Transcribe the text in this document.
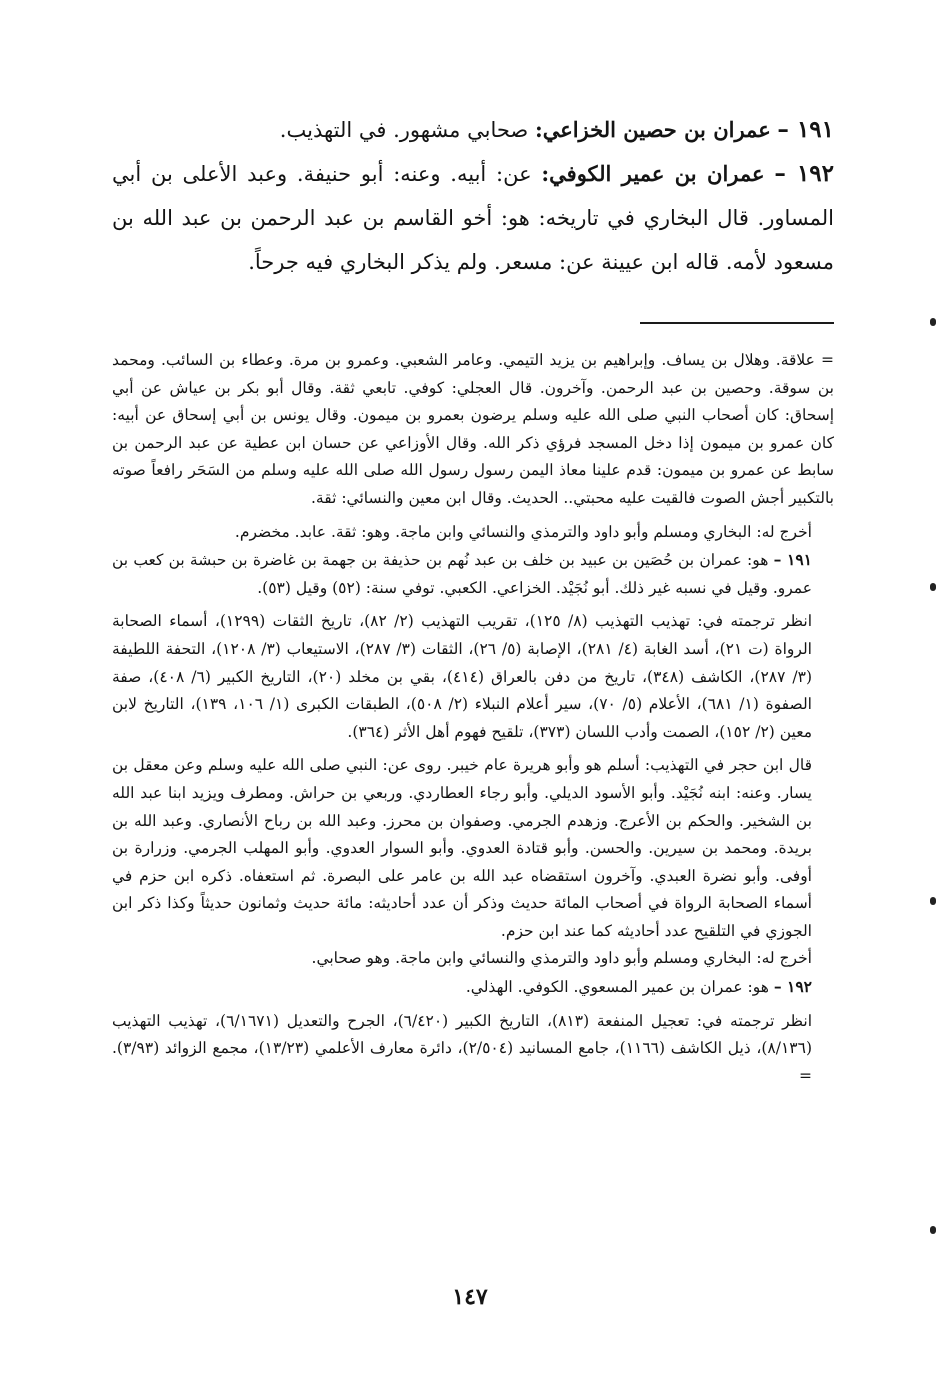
١٩١ – عمران بن حصين الخزاعي: صحابي مشهور. في التهذيب.

١٩٢ – عمران بن عمير الكوفي: عن: أبيه. وعنه: أبو حنيفة. وعبد الأعلى بن أبي المساور. قال البخاري في تاريخه: هو: أخو القاسم بن عبد الرحمن بن عبد الله بن مسعود لأمه. قاله ابن عيينة عن: مسعر. ولم يذكر البخاري فيه جرحاً.

= علاقة. وهلال بن يساف. وإبراهيم بن يزيد التيمي. وعامر الشعبي. وعمرو بن مرة. وعطاء بن السائب. ومحمد بن سوقة. وحصين بن عبد الرحمن. وآخرون. قال العجلي: كوفي. تابعي ثقة. وقال أبو بكر بن عياش عن أبي إسحاق: كان أصحاب النبي صلى الله عليه وسلم يرضون بعمرو بن ميمون. وقال يونس بن أبي إسحاق عن أبيه: كان عمرو بن ميمون إذا دخل المسجد فرؤي ذكر الله. وقال الأوزاعي عن حسان ابن عطية عن عبد الرحمن بن سابط عن عمرو بن ميمون: قدم علينا معاذ اليمن رسول رسول الله صلى الله عليه وسلم من السَحَر رافعاً صوته بالتكبير أجش الصوت فالقيت عليه محبتي.. الحديث. وقال ابن معين والنسائي: ثقة.

أخرج له: البخاري ومسلم وأبو داود والترمذي والنسائي وابن ماجة. وهو: ثقة. عابد. مخضرم.

١٩١ – هو: عمران بن حُصَين بن عبيد بن خلف بن عبد نُهم بن حذيفة بن جهمة بن غاضرة بن حبشة بن كعب بن عمرو. وقيل في نسبه غير ذلك. أبو نُجَيْد. الخزاعي. الكعبي. توفي سنة: (٥٢) وقيل (٥٣).

انظر ترجمته في: تهذيب التهذيب (٨/ ١٢٥)، تقريب التهذيب (٢/ ٨٢)، تاريخ الثقات (١٢٩٩)، أسماء الصحابة الرواة (ت ٢١)، أسد الغابة (٤/ ٢٨١)، الإصابة (٥/ ٢٦)، الثقات (٣/ ٢٨٧)، الاستيعاب (٣/ ١٢٠٨)، التحفة اللطيفة (٣/ ٢٨٧)، الكاشف (٣٤٨)، تاريخ من دفن بالعراق (٤١٤)، بقي بن مخلد (٢٠)، التاريخ الكبير (٦/ ٤٠٨)، صفة الصفوة (١/ ٦٨١)، الأعلام (٥/ ٧٠)، سير أعلام النبلاء (٢/ ٥٠٨)، الطبقات الكبرى (١/ ١٠٦، ١٣٩)، التاريخ لابن معين (٢/ ١٥٢)، الصمت وأدب اللسان (٣٧٣)، تلقيح فهوم أهل الأثر (٣٦٤).

قال ابن حجر في التهذيب: أسلم هو وأبو هريرة عام خيبر. روى عن: النبي صلى الله عليه وسلم وعن معقل بن يسار. وعنه: ابنه نُجَيْد. وأبو الأسود الديلي. وأبو رجاء العطاردي. وربعي بن حراش. ومطرف ويزيد ابنا عبد الله بن الشخير. والحكم بن الأعرج. وزهدم الجرمي. وصفوان بن محرز. وعبد الله بن رباح الأنصاري. وعبد الله بن بريدة. ومحمد بن سيرين. والحسن. وأبو قتادة العدوي. وأبو السوار العدوي. وأبو المهلب الجرمي. وزرارة بن أوفى. وأبو نضرة العبدي. وآخرون استقضاه عبد الله بن عامر على البصرة. ثم استعفاه. ذكره ابن حزم في أسماء الصحابة الرواة في أصحاب المائة حديث وذكر أن عدد أحاديثه: مائة حديث وثمانون حديثاً وكذا ذكر ابن الجوزي في التلقيح عدد أحاديثه كما عند ابن حزم.

أخرج له: البخاري ومسلم وأبو داود والترمذي والنسائي وابن ماجة. وهو صحابي.

١٩٢ – هو: عمران بن عمير المسعوي. الكوفي. الهذلي.

انظر ترجمته في: تعجيل المنفعة (٨١٣)، التاريخ الكبير (٦/٤٢٠)، الجرح والتعديل (٦/١٦٧١)، تهذيب التهذيب (٨/١٣٦)، ذيل الكاشف (١١٦٦)، جامع المسانيد (٢/٥٠٤)، دائرة معارف الأعلمي (١٣/٢٣)، مجمع الزوائد (٣/٩٣). =

١٤٧
